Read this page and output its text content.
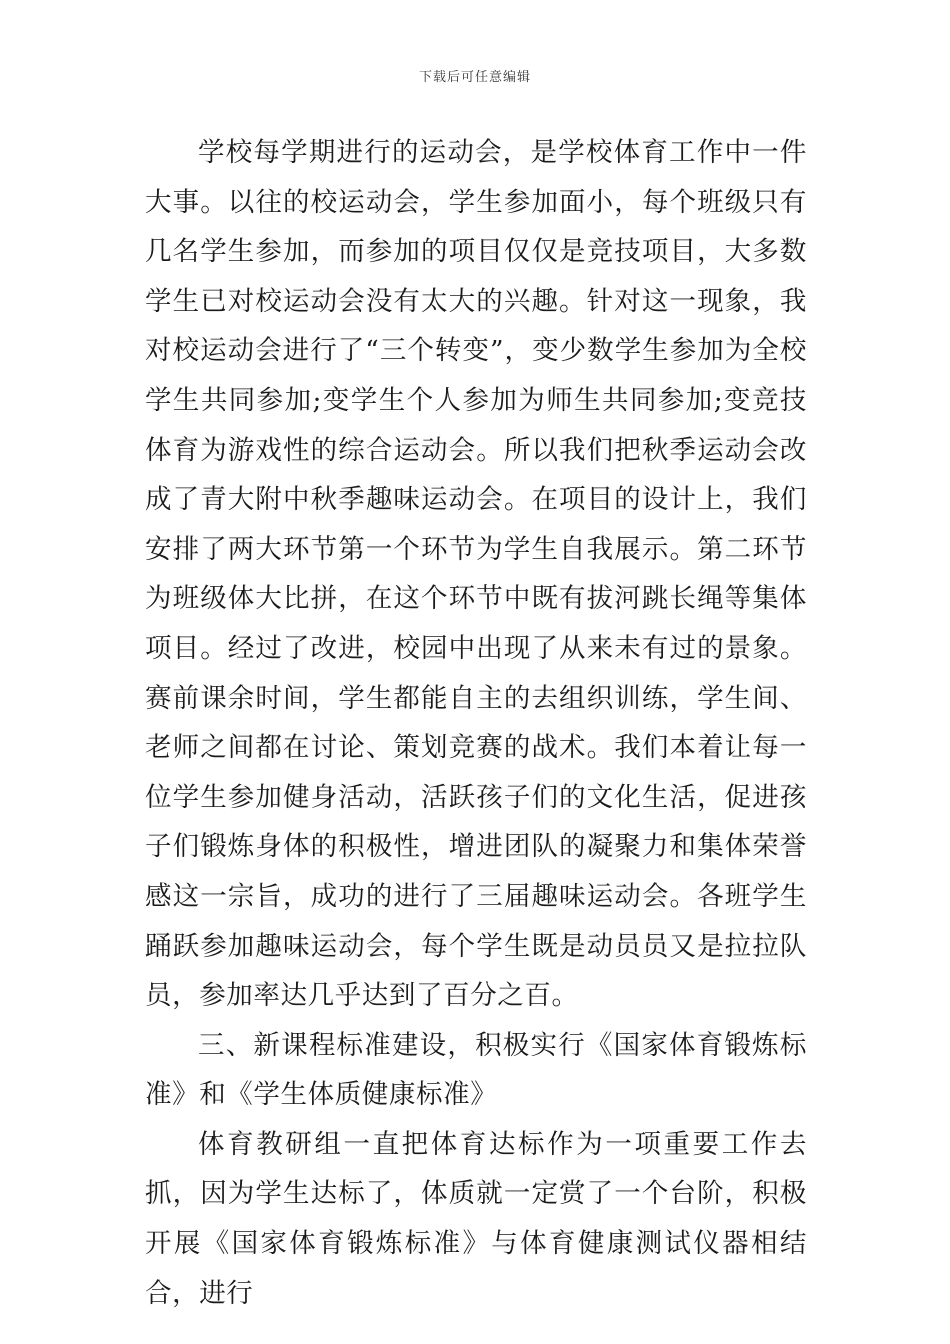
下载后可任意编辑

学校每学期进行的运动会，是学校体育工作中一件大事。以往的校运动会，学生参加面小，每个班级只有几名学生参加，而参加的项目仅仅是竞技项目，大多数学生已对校运动会没有太大的兴趣。针对这一现象，我对校运动会进行了“三个转变”，变少数学生参加为全校学生共同参加;变学生个人参加为师生共同参加;变竞技体育为游戏性的综合运动会。所以我们把秋季运动会改成了青大附中秋季趣味运动会。在项目的设计上，我们安排了两大环节第一个环节为学生自我展示。第二环节为班级体大比拼，在这个环节中既有拔河跳长绳等集体项目。经过了改进，校园中出现了从来未有过的景象。赛前课余时间，学生都能自主的去组织训练，学生间、老师之间都在讨论、策划竞赛的战术。我们本着让每一位学生参加健身活动，活跃孩子们的文化生活，促进孩子们锻炼身体的积极性，增进团队的凝聚力和集体荣誉感这一宗旨，成功的进行了三届趣味运动会。各班学生踊跃参加趣味运动会，每个学生既是动员员又是拉拉队员，参加率达几乎达到了百分之百。

三、新课程标准建设，积极实行《国家体育锻炼标准》和《学生体质健康标准》

体育教研组一直把体育达标作为一项重要工作去抓，因为学生达标了，体质就一定赏了一个台阶，积极开展《国家体育锻炼标准》与体育健康测试仪器相结合，进行
